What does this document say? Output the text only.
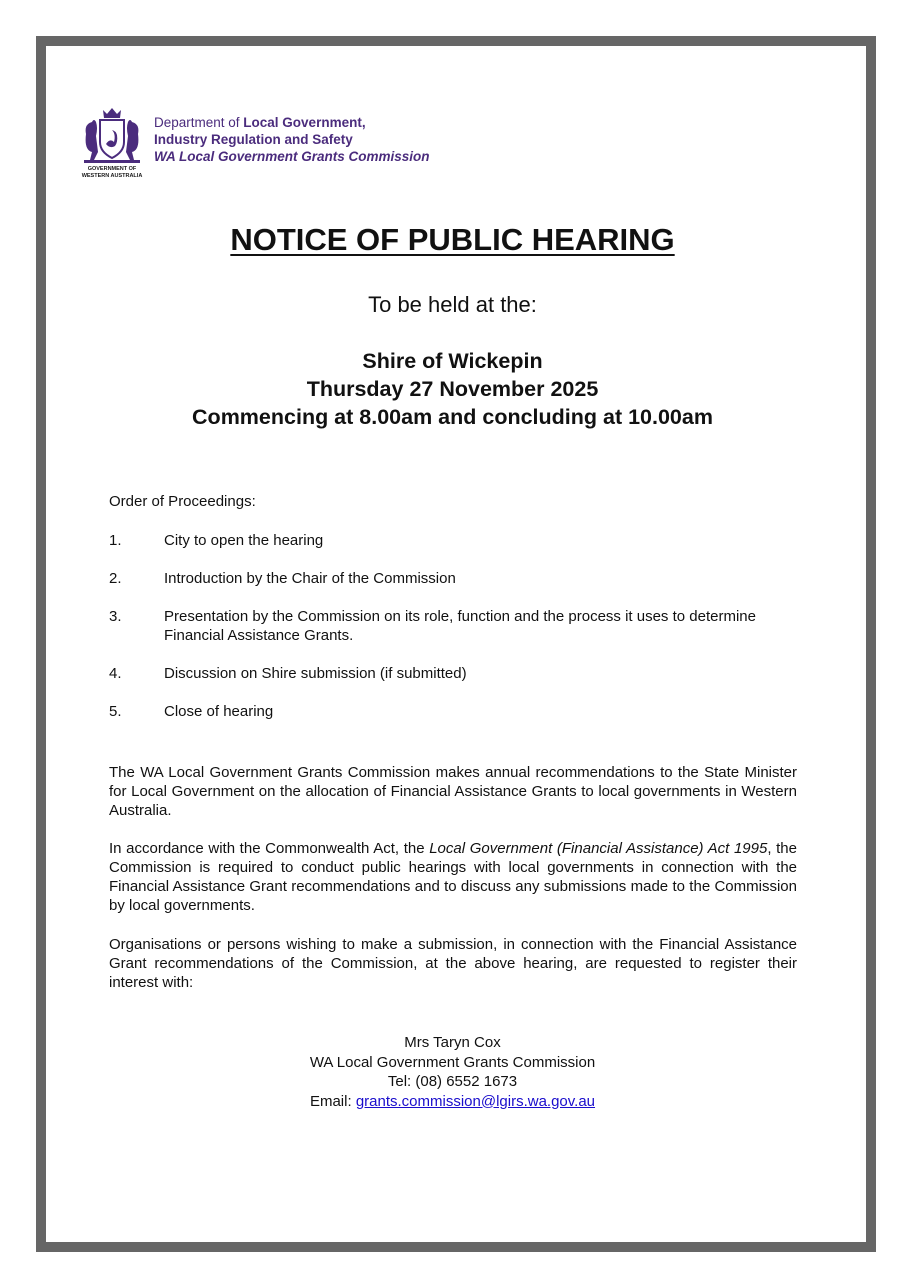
GOVERNMENT OF
WESTERN AUSTRALIA
Department of Local Government,
Industry Regulation and Safety
WA Local Government Grants Commission
NOTICE OF PUBLIC HEARING
To be held at the:
Shire of Wickepin
Thursday 27 November 2025
Commencing at 8.00am and concluding at 10.00am
Order of Proceedings:
1.	City to open the hearing
2.	Introduction by the Chair of the Commission
3.	Presentation by the Commission on its role, function and the process it uses to determine Financial Assistance Grants.
4.	Discussion on Shire submission (if submitted)
5.	Close of hearing
The WA Local Government Grants Commission makes annual recommendations to the State Minister for Local Government on the allocation of Financial Assistance Grants to local governments in Western Australia.
In accordance with the Commonwealth Act, the Local Government (Financial Assistance) Act 1995, the Commission is required to conduct public hearings with local governments in connection with the Financial Assistance Grant recommendations and to discuss any submissions made to the Commission by local governments.
Organisations or persons wishing to make a submission, in connection with the Financial Assistance Grant recommendations of the Commission, at the above hearing, are requested to register their interest with:
Mrs Taryn Cox
WA Local Government Grants Commission
Tel: (08) 6552 1673
Email: grants.commission@lgirs.wa.gov.au
